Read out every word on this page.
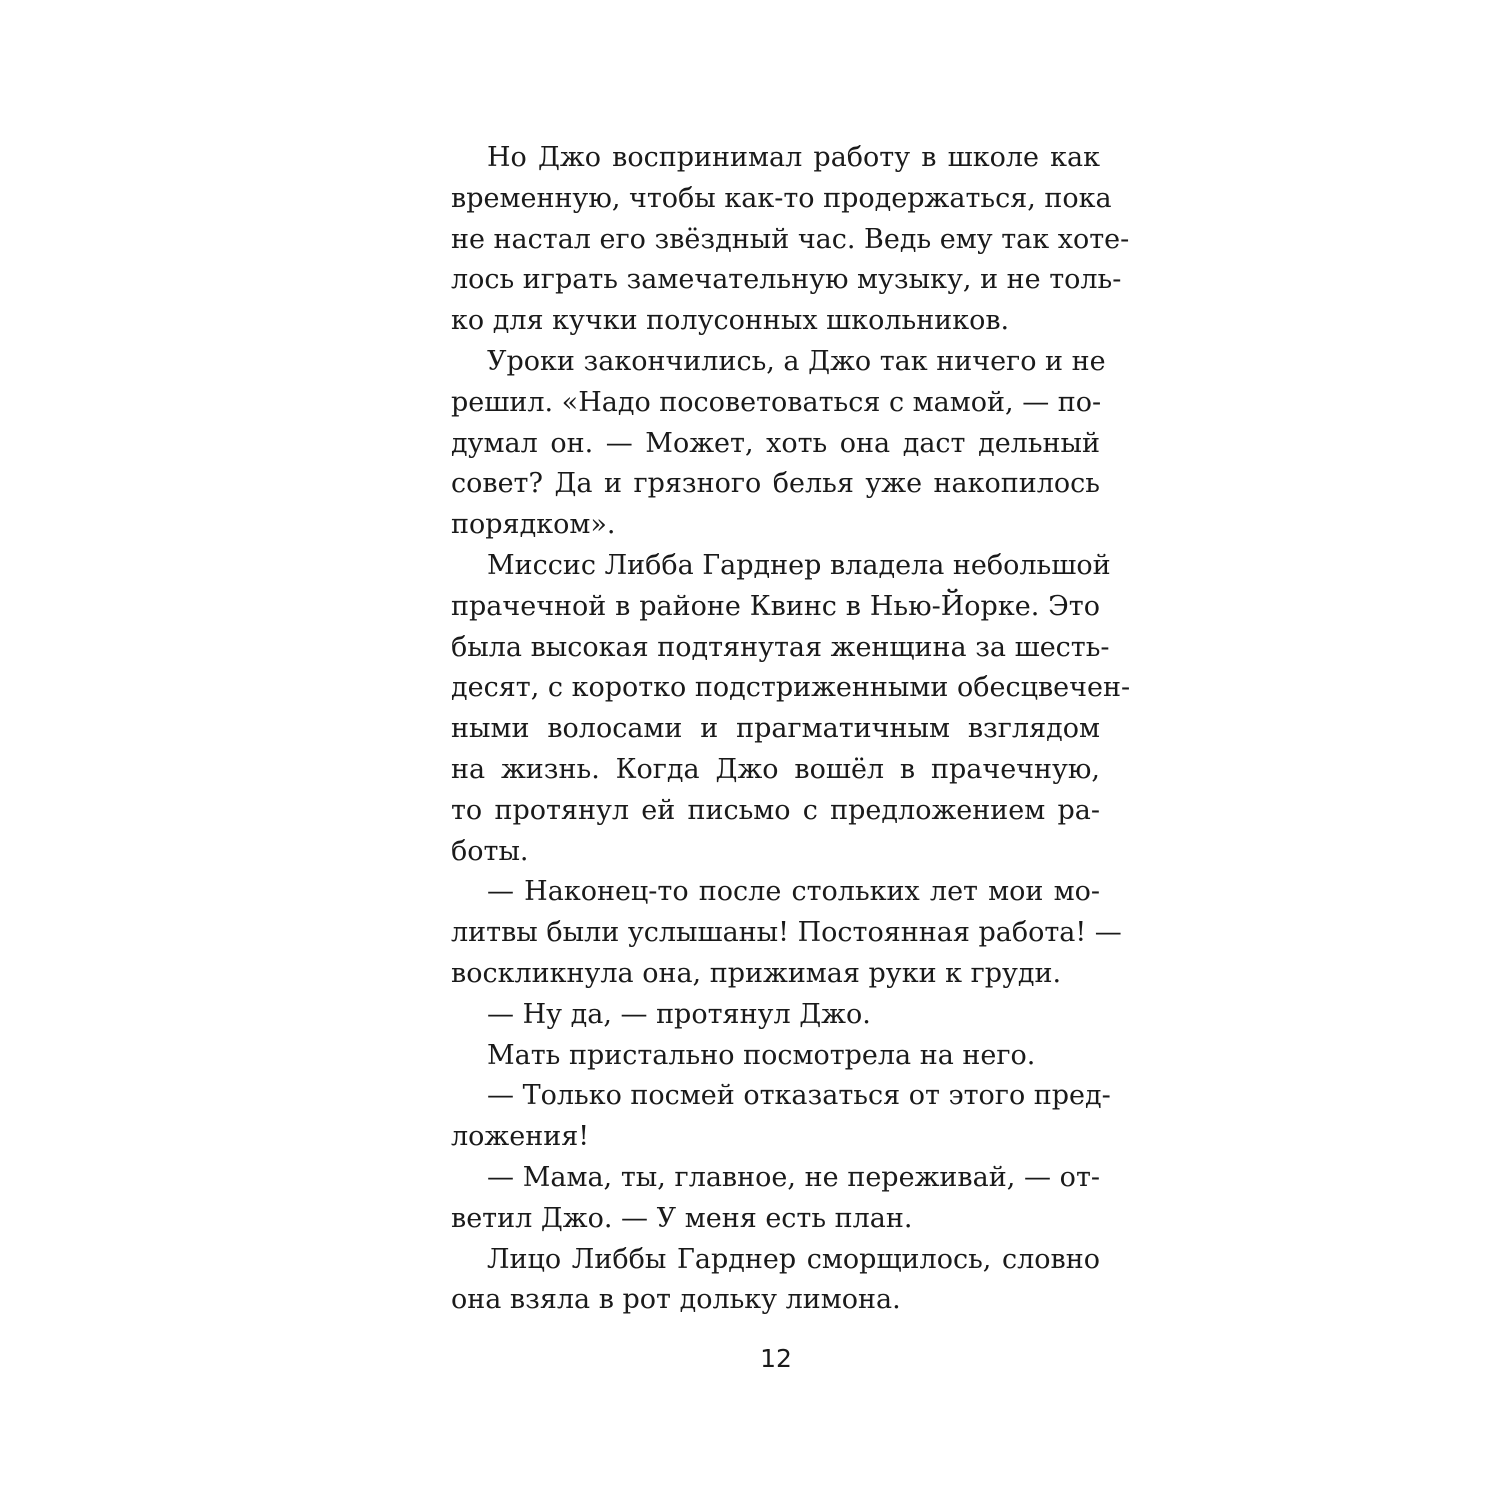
Но Джо воспринимал работу в школе как
временную, чтобы как-то продержаться, пока
не настал его звёздный час. Ведь ему так хоте-
лось играть замечательную музыку, и не толь-
ко для кучки полусонных школьников.
Уроки закончились, а Джо так ничего и не
решил. «Надо посоветоваться с мамой, — по-
думал он. — Может, хоть она даст дельный
совет? Да и грязного белья уже накопилось
порядком».
Миссис Либба Гарднер владела небольшой
прачечной в районе Квинс в Нью-Йорке. Это
была высокая подтянутая женщина за шесть-
десят, с коротко подстриженными обесцвечен-
ными волосами и прагматичным взглядом
на жизнь. Когда Джо вошёл в прачечную,
то протянул ей письмо с предложением ра-
боты.
— Наконец-то после стольких лет мои мо-
литвы были услышаны! Постоянная работа! —
воскликнула она, прижимая руки к груди.
— Ну да, — протянул Джо.
Мать пристально посмотрела на него.
— Только посмей отказаться от этого пред-
ложения!
— Мама, ты, главное, не переживай, — от-
ветил Джо. — У меня есть план.
Лицо Либбы Гарднер сморщилось, словно
она взяла в рот дольку лимона.
12
